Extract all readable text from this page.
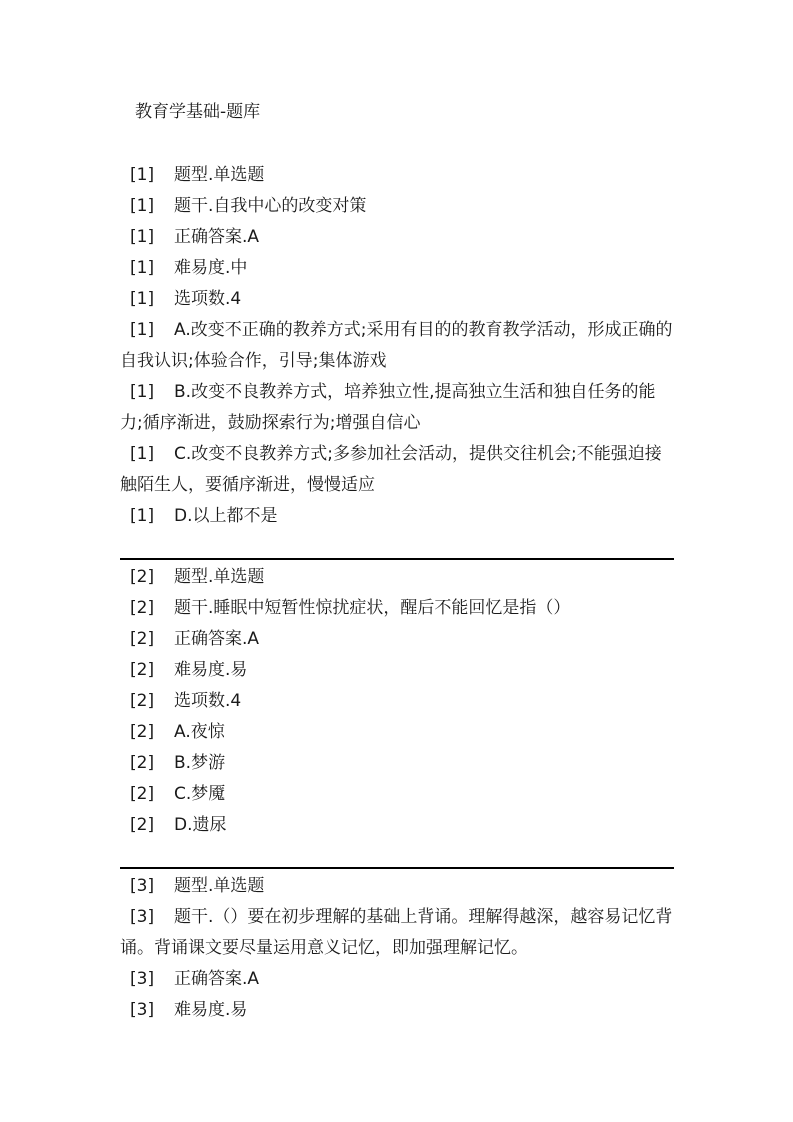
教育学基础-题库
[1] 题型.单选题
[1] 题干.自我中心的改变对策
[1] 正确答案.A
[1] 难易度.中
[1] 选项数.4
[1] A.改变不正确的教养方式;采用有目的的教育教学活动，形成正确的自我认识;体验合作，引导;集体游戏
[1] B.改变不良教养方式，培养独立性,提高独立生活和独自任务的能力;循序渐进，鼓励探索行为;增强自信心
[1] C.改变不良教养方式;多参加社会活动，提供交往机会;不能强迫接触陌生人，要循序渐进，慢慢适应
[1] D.以上都不是
[2] 题型.单选题
[2] 题干.睡眠中短暂性惊扰症状，醒后不能回忆是指（）
[2] 正确答案.A
[2] 难易度.易
[2] 选项数.4
[2] A.夜惊
[2] B.梦游
[2] C.梦魇
[2] D.遗尿
[3] 题型.单选题
[3] 题干.（）要在初步理解的基础上背诵。理解得越深，越容易记忆背诵。背诵课文要尽量运用意义记忆，即加强理解记忆。
[3] 正确答案.A
[3] 难易度.易
